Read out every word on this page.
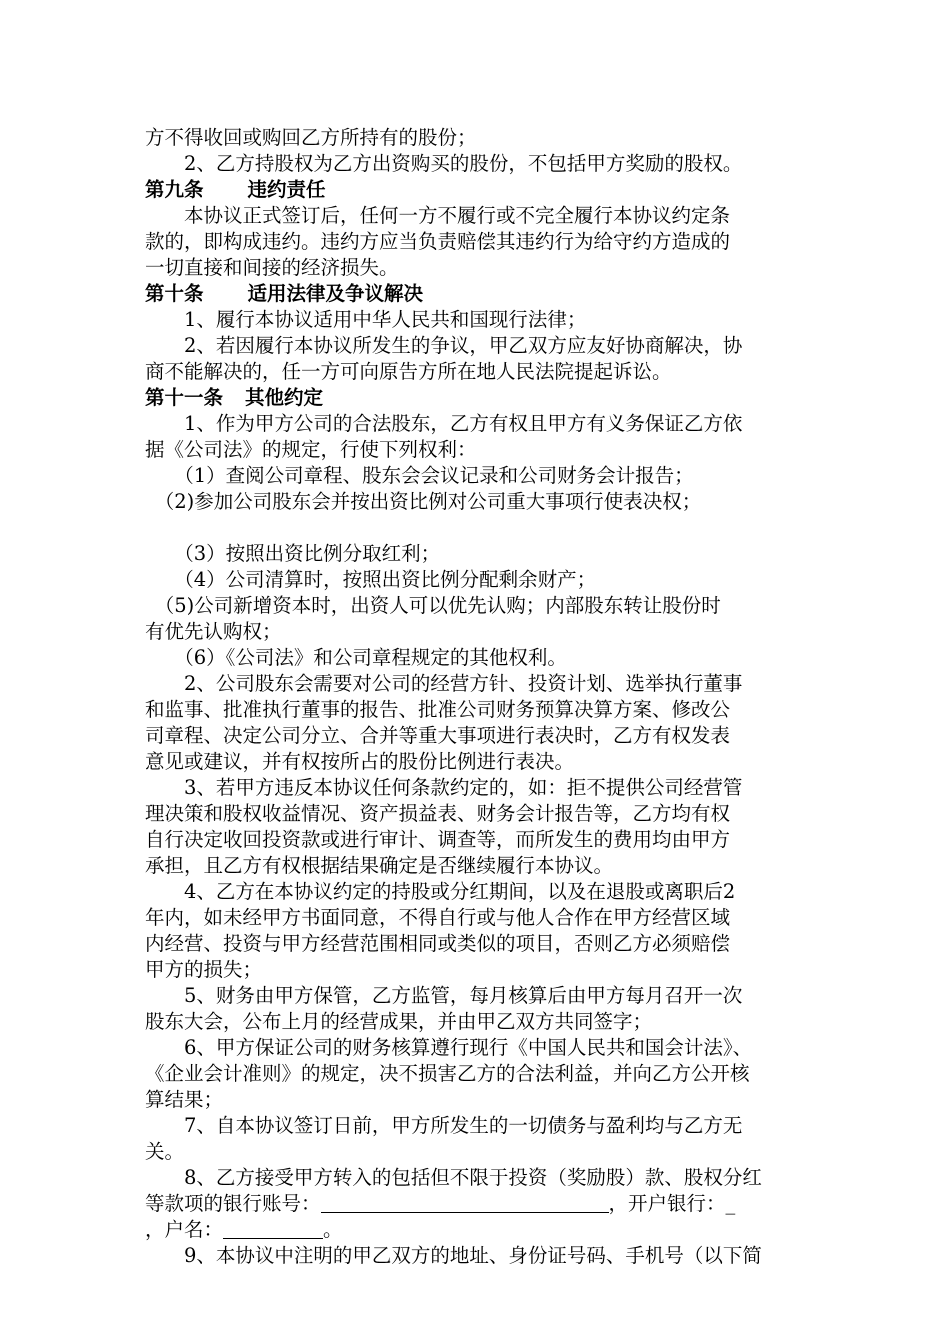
方不得收回或购回乙方所持有的股份；
　　2、乙方持股权为乙方出资购买的股份，不包括甲方奖励的股权。
第九条 违约责任
　　本协议正式签订后，任何一方不履行或不完全履行本协议约定条
款的，即构成违约。违约方应当负责赔偿其违约行为给守约方造成的
一切直接和间接的经济损失。
第十条 适用法律及争议解决
　　1、履行本协议适用中华人民共和国现行法律；
　　2、若因履行本协议所发生的争议，甲乙双方应友好协商解决，协
商不能解决的，任一方可向原告方所在地人民法院提起诉讼。
第十一条 其他约定
　　1、作为甲方公司的合法股东，乙方有权且甲方有义务保证乙方依
据《公司法》的规定，行使下列权利：
　　（1）查阅公司章程、股东会会议记录和公司财务会计报告；
　（2)参加公司股东会并按出资比例对公司重大事项行使表决权；
　　（3）按照出资比例分取红利；
　　（4）公司清算时，按照出资比例分配剩余财产；
　（5)公司新增资本时，出资人可以优先认购；内部股东转让股份时
有优先认购权；
　　（6）《公司法》和公司章程规定的其他权利。
　　2、公司股东会需要对公司的经营方针、投资计划、选举执行董事
和监事、批准执行董事的报告、批准公司财务预算决算方案、修改公
司章程、决定公司分立、合并等重大事项进行表决时，乙方有权发表
意见或建议，并有权按所占的股份比例进行表决。
　　3、若甲方违反本协议任何条款约定的，如：拒不提供公司经营管
理决策和股权收益情况、资产损益表、财务会计报告等，乙方均有权
自行决定收回投资款或进行审计、调查等，而所发生的费用均由甲方
承担，且乙方有权根据结果确定是否继续履行本协议。
　　4、乙方在本协议约定的持股或分红期间，以及在退股或离职后2
年内，如未经甲方书面同意，不得自行或与他人合作在甲方经营区域
内经营、投资与甲方经营范围相同或类似的项目，否则乙方必须赔偿
甲方的损失；
　　5、财务由甲方保管，乙方监管，每月核算后由甲方每月召开一次
股东大会，公布上月的经营成果，并由甲乙双方共同签字；
　　6、甲方保证公司的财务核算遵行现行《中国人民共和国会计法》、
《企业会计准则》的规定，决不损害乙方的合法利益，并向乙方公开核
算结果；
　　7、自本协议签订日前，甲方所发生的一切债务与盈利均与乙方无
关。
　　8、乙方接受甲方转入的包括但不限于投资（奖励股）款、股权分红
等款项的银行账号：	，开户银行：_
，户名：	。
　　9、本协议中注明的甲乙双方的地址、身份证号码、手机号（以下简
